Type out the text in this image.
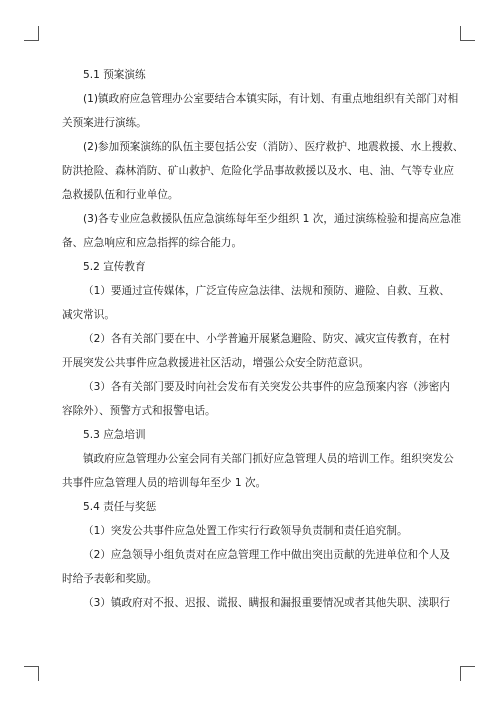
5.1 预案演练

(1)镇政府应急管理办公室要结合本镇实际，有计划、有重点地组织有关部门对相

关预案进行演练。

(2)参加预案演练的队伍主要包括公安（消防）、医疗救护、地震救援、水上搜救、

防洪抢险、森林消防、矿山救护、危险化学品事故救援以及水、电、油、气等专业应

急救援队伍和行业单位。

(3)各专业应急救援队伍应急演练每年至少组织 1 次，通过演练检验和提高应急准

备、应急响应和应急指挥的综合能力。

5.2 宣传教育

（1）要通过宣传媒体，广泛宣传应急法律、法规和预防、避险、自救、互救、

减灾常识。

（2）各有关部门要在中、小学普遍开展紧急避险、防灾、减灾宣传教育，在村

开展突发公共事件应急救援进社区活动，增强公众安全防范意识。

（3）各有关部门要及时向社会发布有关突发公共事件的应急预案内容（涉密内

容除外）、预警方式和报警电话。

5.3 应急培训

镇政府应急管理办公室会同有关部门抓好应急管理人员的培训工作。组织突发公

共事件应急管理人员的培训每年至少 1 次。

5.4 责任与奖惩

（1）突发公共事件应急处置工作实行行政领导负责制和责任追究制。

（2）应急领导小组负责对在应急管理工作中做出突出贡献的先进单位和个人及

时给予表彰和奖励。

（3）镇政府对不报、迟报、谎报、瞒报和漏报重要情况或者其他失职、渎职行
